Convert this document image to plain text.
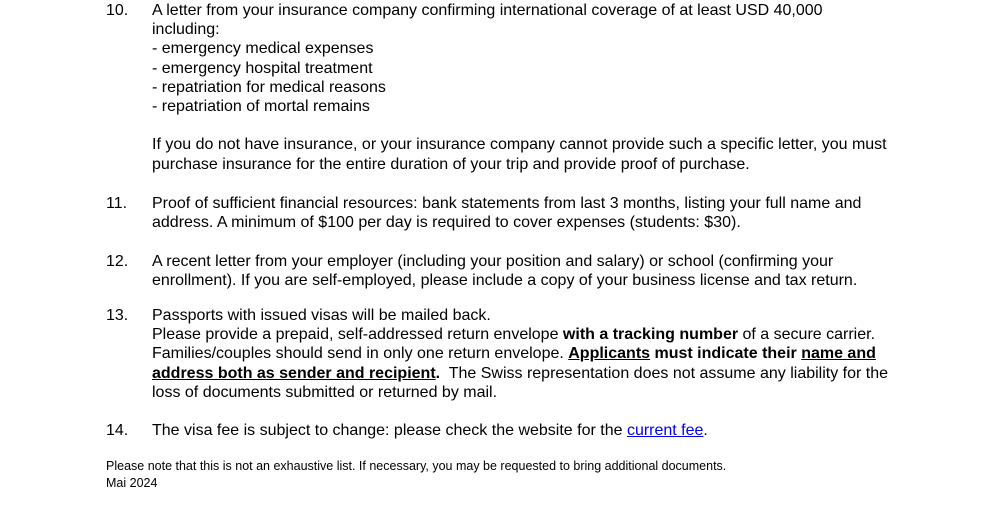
10.	A letter from your insurance company confirming international coverage of at least USD 40,000
including:
- emergency medical expenses
- emergency hospital treatment
- repatriation for medical reasons
- repatriation of mortal remains
If you do not have insurance, or your insurance company cannot provide such a specific letter, you must
purchase insurance for the entire duration of your trip and provide proof of purchase.
11.	Proof of sufficient financial resources: bank statements from last 3 months, listing your full name and
address. A minimum of $100 per day is required to cover expenses (students: $30).
12.	A recent letter from your employer (including your position and salary) or school (confirming your
enrollment). If you are self-employed, please include a copy of your business license and tax return.
13.	Passports with issued visas will be mailed back.
Please provide a prepaid, self-addressed return envelope with a tracking number of a secure carrier.
Families/couples should send in only one return envelope. Applicants must indicate their name and
address both as sender and recipient.  The Swiss representation does not assume any liability for the
loss of documents submitted or returned by mail.
14.	The visa fee is subject to change: please check the website for the current fee.
Please note that this is not an exhaustive list. If necessary, you may be requested to bring additional documents.
Mai 2024
